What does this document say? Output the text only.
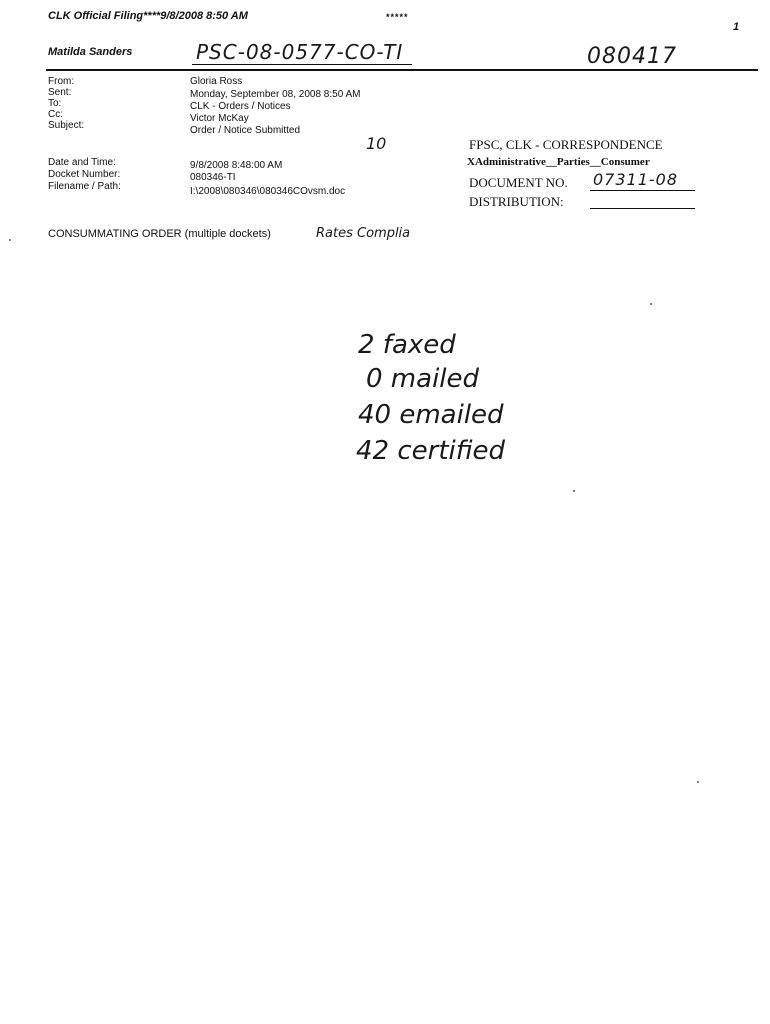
CLK Official Filing****9/8/2008 8:50 AM	*****
1
Matilda Sanders	PSC-08-0577-CO-TI	080417
From:	Gloria Ross
Sent:	Monday, September 08, 2008 8:50 AM
To:	CLK - Orders / Notices
Cc:	Victor McKay
Subject:	Order / Notice Submitted
Date and Time:	9/8/2008 8:48:00 AM
Docket Number:	080346-TI
Filename / Path:	I:\2008\080346\080346COvsm.doc
10	FPSC, CLK - CORRESPONDENCE
XAdministrative__Parties__Consumer
DOCUMENT NO. 07311-08
DISTRIBUTION:
CONSUMMATING ORDER (multiple dockets)	Rates Complia
2 faxed
0 mailed
40 emailed
42 certified
